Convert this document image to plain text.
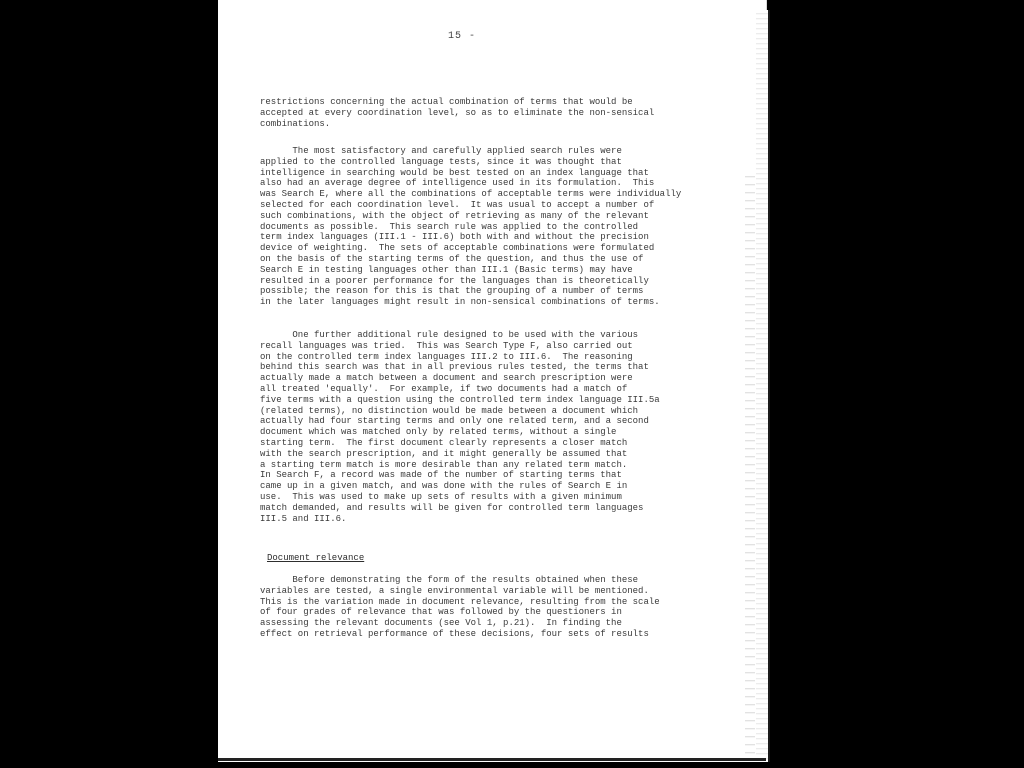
15 -
restrictions concerning the actual combination of terms that would be
accepted at every coordination level, so as to eliminate the non-sensical
combinations.
The most satisfactory and carefully applied search rules were
applied to the controlled language tests, since it was thought that
intelligence in searching would be best tested on an index language that
also had an average degree of intelligence used in its formulation.  This
was Search E, where all the combinations of acceptable terms were individually
selected for each coordination level.  It was usual to accept a number of
such combinations, with the object of retrieving as many of the relevant
documents as possible.  This search rule was applied to the controlled
term index languages (III.1 - III.6) both with and without the precision
device of weighting.  The sets of acceptable combinations were formulated
on the basis of the starting terms of the question, and thus the use of
Search E in testing languages other than III.1 (Basic terms) may have
resulted in a poorer performance for the languages than is theoretically
possible; the reason for this is that the grouping of a number of terms
in the later languages might result in non-sensical combinations of terms.
One further additional rule designed to be used with the various
recall languages was tried.  This was Search Type F, also carried out
on the controlled term index languages III.2 to III.6.  The reasoning
behind this search was that in all previous rules tested, the terms that
actually made a match between a document and search prescription were
all treated 'equally'.  For example, if two documents had a match of
five terms with a question using the controlled term index language III.5a
(related terms), no distinction would be made between a document which
actually had four starting terms and only one related term, and a second
document which was matched only by related terms, without a single
starting term.  The first document clearly represents a closer match
with the search prescription, and it might generally be assumed that
a starting term match is more desirable than any related term match.
In Search F, a record was made of the number of starting terms that
came up in a given match, and was done with the rules of Search E in
use.  This was used to make up sets of results with a given minimum
match demanded, and results will be given for controlled term languages
III.5 and III.6.
Document relevance
Before demonstrating the form of the results obtained when these
variables are tested, a single environmental variable will be mentioned.
This is the variation made in document relevance, resulting from the scale
of four grades of relevance that was followed by the questioners in
assessing the relevant documents (see Vol 1, p.21).  In finding the
effect on retrieval performance of these decisions, four sets of results
